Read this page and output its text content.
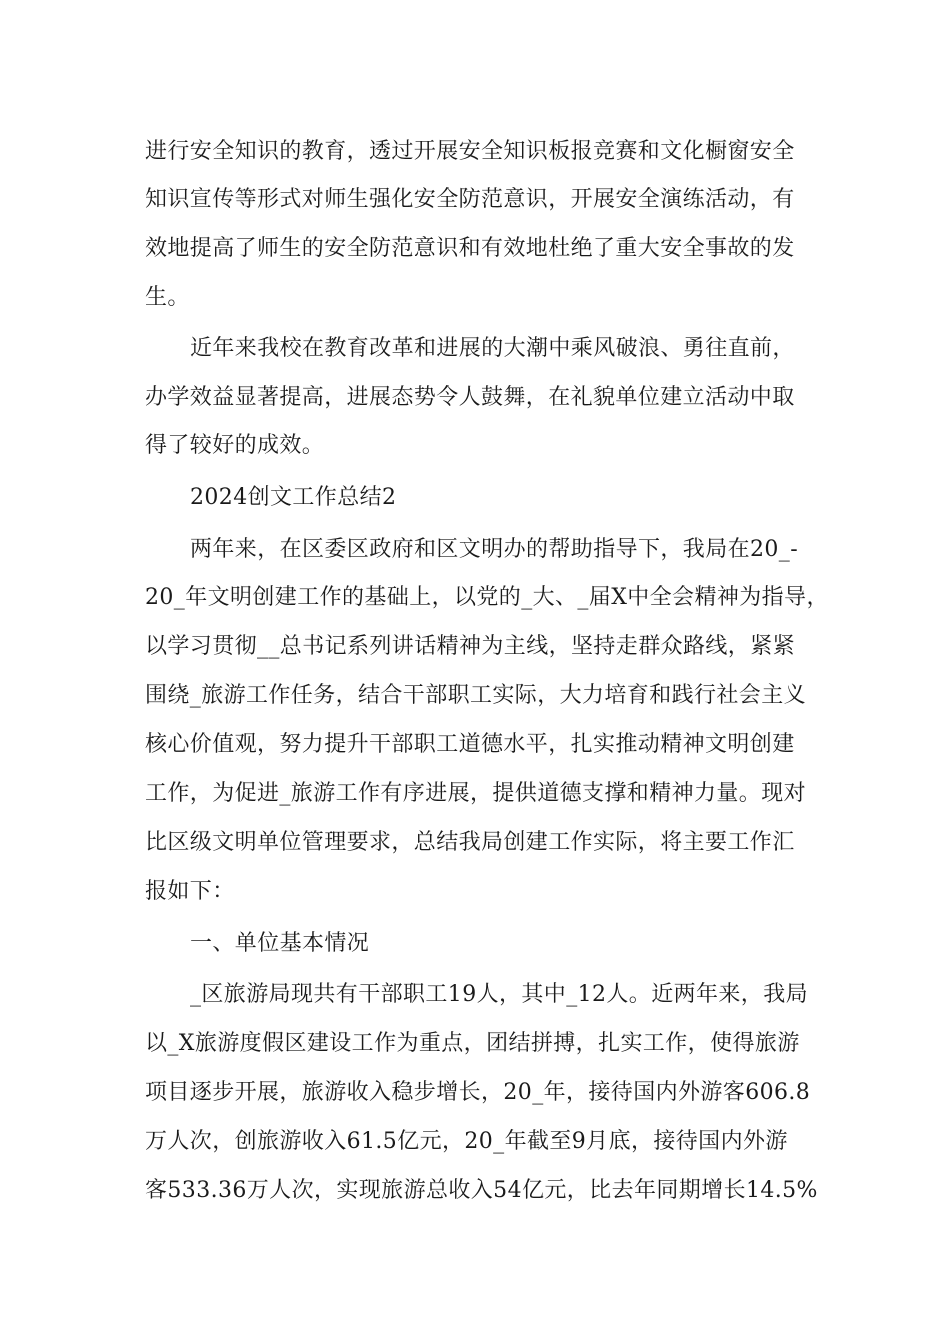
进行安全知识的教育，透过开展安全知识板报竞赛和文化橱窗安全
知识宣传等形式对师生强化安全防范意识，开展安全演练活动，有
效地提高了师生的安全防范意识和有效地杜绝了重大安全事故的发
生。
近年来我校在教育改革和进展的大潮中乘风破浪、勇往直前，
办学效益显著提高，进展态势令人鼓舞，在礼貌单位建立活动中取
得了较好的成效。
2024创文工作总结2
两年来，在区委区政府和区文明办的帮助指导下，我局在20_-
20_年文明创建工作的基础上，以党的_大、_届X中全会精神为指导，
以学习贯彻__总书记系列讲话精神为主线，坚持走群众路线，紧紧
围绕_旅游工作任务，结合干部职工实际，大力培育和践行社会主义
核心价值观，努力提升干部职工道德水平，扎实推动精神文明创建
工作，为促进_旅游工作有序进展，提供道德支撑和精神力量。现对
比区级文明单位管理要求，总结我局创建工作实际，将主要工作汇
报如下：
一、单位基本情况
_区旅游局现共有干部职工19人，其中_12人。近两年来，我局
以_X旅游度假区建设工作为重点，团结拼搏，扎实工作，使得旅游
项目逐步开展，旅游收入稳步增长，20_年，接待国内外游客606.8
万人次，创旅游收入61.5亿元，20_年截至9月底，接待国内外游
客533.36万人次，实现旅游总收入54亿元，比去年同期增长14.5%
